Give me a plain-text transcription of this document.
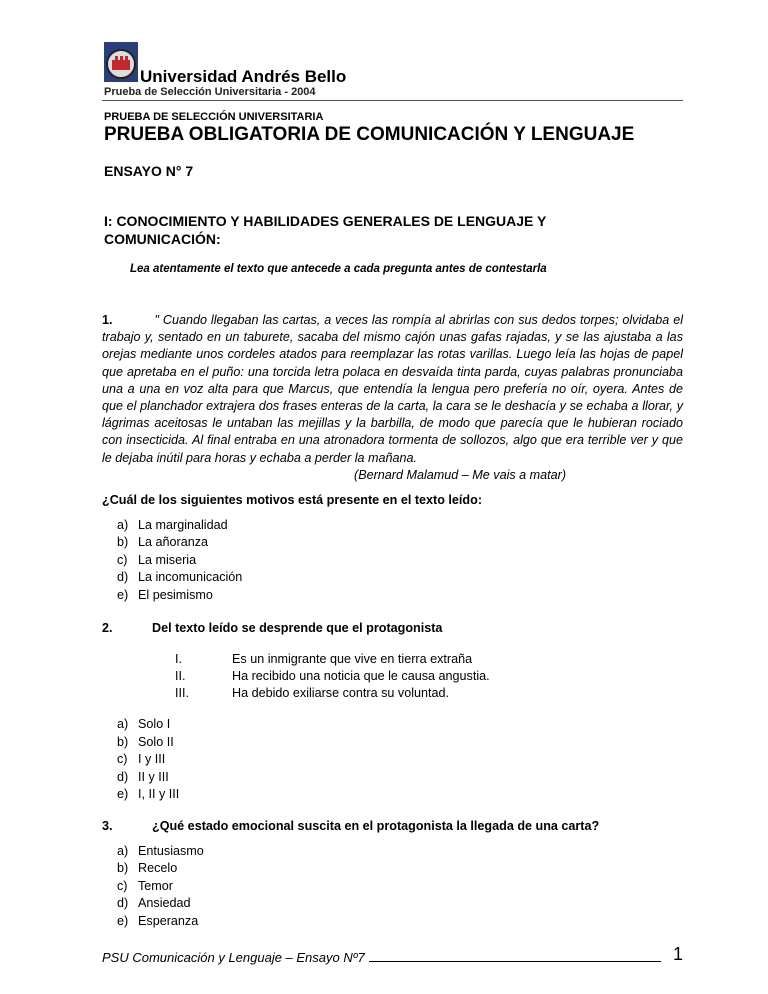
Universidad Andrés Bello
Prueba de Selección Universitaria - 2004
PRUEBA DE SELECCIÓN UNIVERSITARIA
PRUEBA OBLIGATORIA DE COMUNICACIÓN Y LENGUAJE
ENSAYO N° 7
I: CONOCIMIENTO Y HABILIDADES GENERALES DE LENGUAJE Y COMUNICACIÓN:
Lea atentamente el texto que antecede a cada pregunta antes de contestarla
1.	" Cuando llegaban las cartas, a veces las rompía al abrirlas con sus dedos torpes; olvidaba el trabajo y, sentado en un taburete, sacaba del mismo cajón unas gafas rajadas, y se las ajustaba a las orejas mediante unos cordeles atados para reemplazar las rotas varillas. Luego leía las hojas de papel que apretaba en el puño: una torcida letra polaca en desvaída tinta parda, cuyas palabras pronunciaba una a una en voz alta para que Marcus, que entendía la lengua pero prefería no oír, oyera. Antes de que el planchador extrajera dos frases enteras de la carta, la cara se le deshacía y se echaba a llorar, y lágrimas aceitosas le untaban las mejillas y la barbilla, de modo que parecía que le hubieran rociado con insecticida. Al final entraba en una atronadora tormenta de sollozos, algo que era terrible ver y que le dejaba inútil para horas y echaba a perder la mañana.
(Bernard Malamud – Me vais a matar)
¿Cuál de los siguientes motivos está presente en el texto leído:
a) La marginalidad
b) La añoranza
c) La miseria
d) La incomunicación
e) El pesimismo
2.	Del texto leído se desprende que el protagonista
I.	Es un inmigrante que vive en tierra extraña
II.	Ha recibido una noticia que le causa angustia.
III.	Ha debido exiliarse contra su voluntad.
a) Solo I
b) Solo II
c) I y III
d) II y III
e) I, II y III
3.	¿Qué estado emocional suscita en el protagonista la llegada de una carta?
a) Entusiasmo
b) Recelo
c) Temor
d) Ansiedad
e) Esperanza
PSU Comunicación y Lenguaje – Ensayo Nº7	1
